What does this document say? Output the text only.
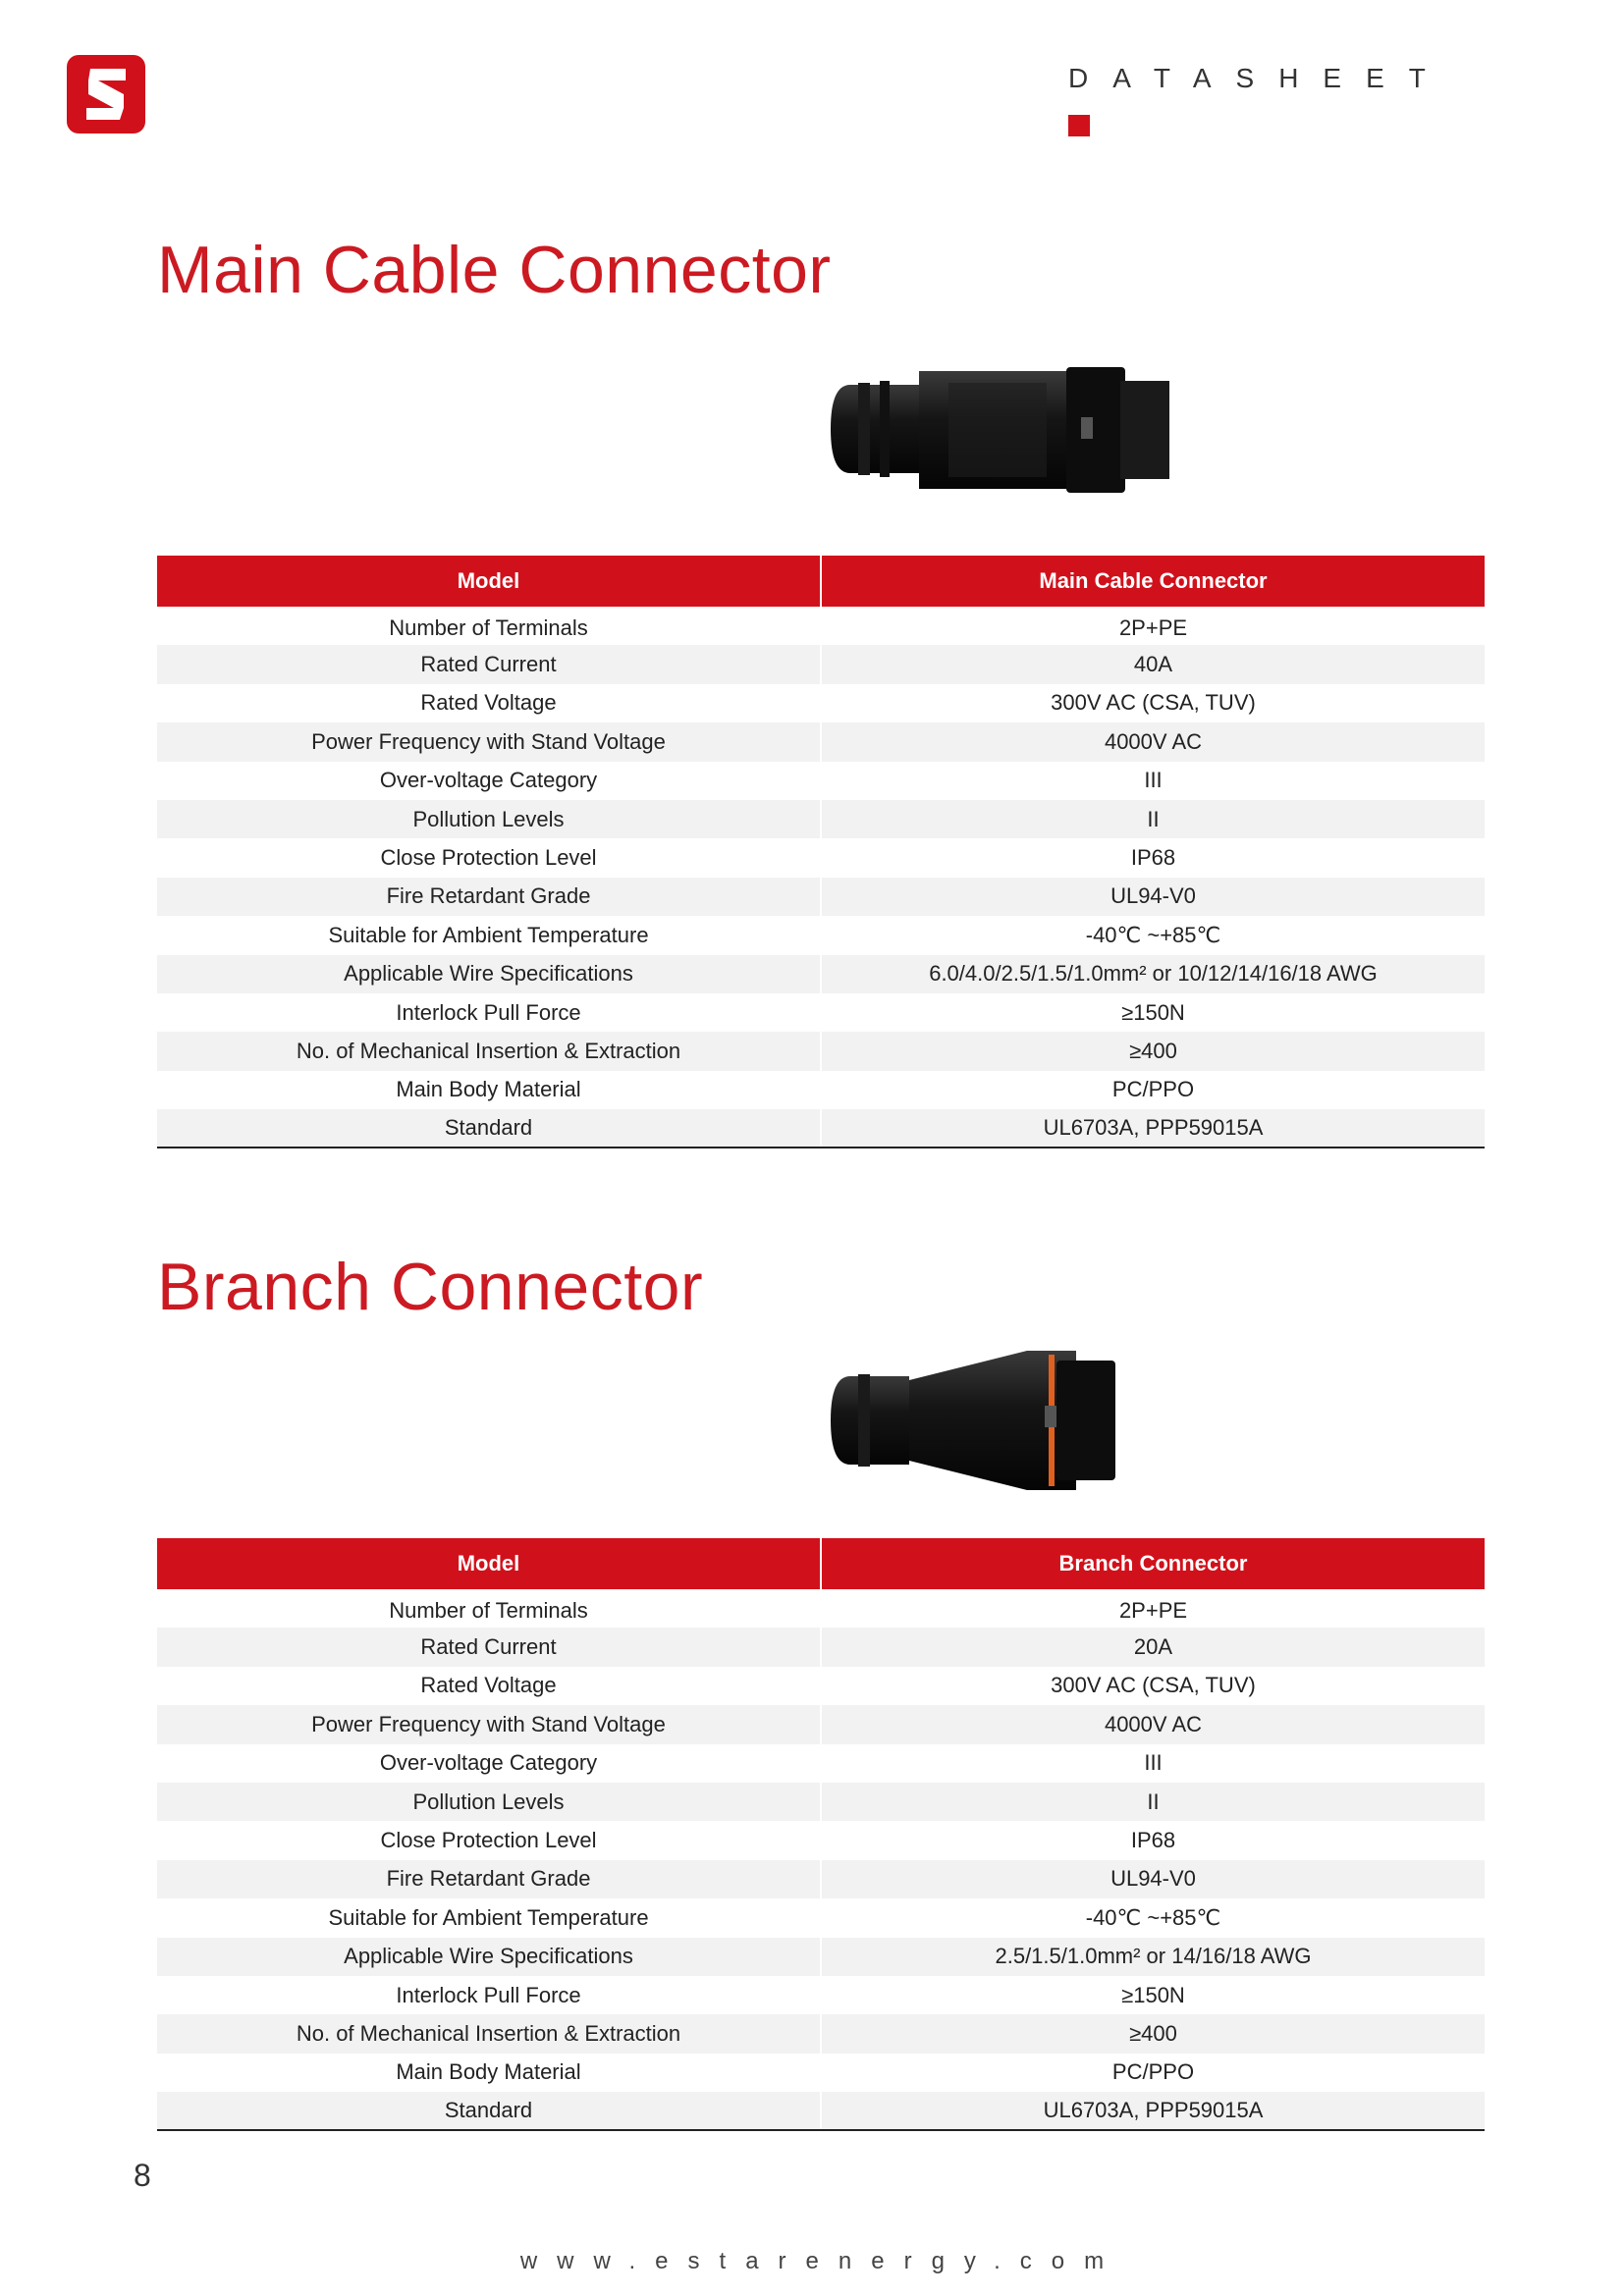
DATASHEET
Main Cable Connector
Model	Main Cable Connector
Number of Terminals	2P+PE
Rated Current	40A
Rated Voltage	300V AC (CSA, TUV)
Power Frequency with Stand Voltage	4000V AC
Over-voltage Category	III
Pollution Levels	II
Close Protection Level	IP68
Fire Retardant Grade	UL94-V0
Suitable for Ambient Temperature	-40℃ ~+85℃
Applicable Wire Specifications	6.0/4.0/2.5/1.5/1.0mm² or 10/12/14/16/18 AWG
Interlock Pull Force	≥150N
No. of Mechanical Insertion & Extraction	≥400
Main Body Material	PC/PPO
Standard	UL6703A, PPP59015A
Branch Connector
Model	Branch Connector
Number of Terminals	2P+PE
Rated Current	20A
Rated Voltage	300V AC (CSA, TUV)
Power Frequency with Stand Voltage	4000V AC
Over-voltage Category	III
Pollution Levels	II
Close Protection Level	IP68
Fire Retardant Grade	UL94-V0
Suitable for Ambient Temperature	-40℃ ~+85℃
Applicable Wire Specifications	2.5/1.5/1.0mm² or 14/16/18 AWG
Interlock Pull Force	≥150N
No. of Mechanical Insertion & Extraction	≥400
Main Body Material	PC/PPO
Standard	UL6703A, PPP59015A
8
www.estarenergy.com
